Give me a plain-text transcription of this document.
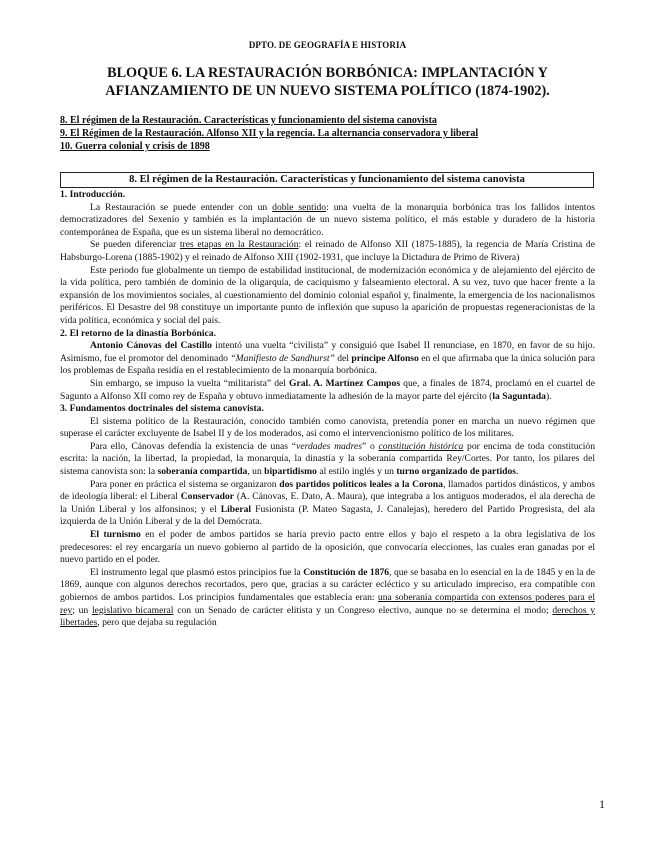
DPTO. DE GEOGRAFÍA E HISTORIA
BLOQUE 6. LA RESTAURACIÓN BORBÓNICA: IMPLANTACIÓN Y
AFIANZAMIENTO DE UN NUEVO SISTEMA POLÍTICO (1874-1902).
8. El régimen de la Restauración. Características y funcionamiento del sistema canovista
9. El Régimen de la Restauración. Alfonso XII y la regencia. La alternancia conservadora y liberal
10. Guerra colonial y crisis de 1898
8. El régimen de la Restauración. Características y funcionamiento del sistema canovista
1. Introducción.

La Restauración se puede entender con un doble sentido: una vuelta de la monarquía borbónica tras los fallidos intentos democratizadores del Sexenio y también es la implantación de un nuevo sistema político, el más estable y duradero de la historia contemporánea de España, que es un sistema liberal no democrático.

Se pueden diferenciar tres etapas en la Restauración: el reinado de Alfonso XII (1875-1885), la regencia de María Cristina de Habsburgo-Lorena (1885-1902) y el reinado de Alfonso XIII (1902-1931, que incluye la Dictadura de Primo de Rivera)

Este periodo fue globalmente un tiempo de estabilidad institucional, de modernización económica y de alejamiento del ejército de la vida política, pero también de dominio de la oligarquía, de caciquismo y falseamiento electoral. A su vez, tuvo que hacer frente a la expansión de los movimientos sociales, al cuestionamiento del dominio colonial español y, finalmente, la emergencia de los nacionalismos periféricos. El Desastre del 98 constituye un importante punto de inflexión que supuso la aparición de propuestas regeneracionistas de la vida política, económica y social del país.

2. El retorno de la dinastía Borbónica.

Antonio Cánovas del Castillo intentó una vuelta “civilista” y consiguió que Isabel II renunciase, en 1870, en favor de su hijo. Asimismo, fue el promotor del denominado “Manifiesto de Sandhurst” del príncipe Alfonso en el que afirmaba que la única solución para los problemas de España residía en el restablecimiento de la monarquía borbónica.

Sin embargo, se impuso la vuelta “militarista” del Gral. A. Martínez Campos que, a finales de 1874, proclamó en el cuartel de Sagunto a Alfonso XII como rey de España y obtuvo inmediatamente la adhesión de la mayor parte del ejército (la Saguntada).

3. Fundamentos doctrinales del sistema canovista.

El sistema político de la Restauración, conocido también como canovista, pretendía poner en marcha un nuevo régimen que superase el carácter excluyente de Isabel II y de los moderados, así como el intervencionismo político de los militares.

Para ello, Cánovas defendía la existencia de unas “verdades madres” o constitución histórica por encima de toda constitución escrita: la nación, la libertad, la propiedad, la monarquía, la dinastía y la soberanía compartida Rey/Cortes. Por tanto, los pilares del sistema canovista son: la soberanía compartida, un bipartidismo al estilo inglés y un turno organizado de partidos.

Para poner en práctica el sistema se organizaron dos partidos políticos leales a la Corona, llamados partidos dinásticos, y ambos de ideología liberal: el Liberal Conservador (A. Cánovas, E. Dato, A. Maura), que integraba a los antiguos moderados, el ala derecha de la Unión Liberal y los alfonsinos; y el Liberal Fusionista (P. Mateo Sagasta, J. Canalejas), heredero del Partido Progresista, del ala izquierda de la Unión Liberal y de la del Demócrata.

El turnismo en el poder de ambos partidos se haría previo pacto entre ellos y bajo el respeto a la obra legislativa de los predecesores: el rey encargaría un nuevo gobierno al partido de la oposición, que convocaría elecciones, las cuales eran ganadas por el nuevo partido en el poder.

El instrumento legal que plasmó estos principios fue la Constitución de 1876, que se basaba en lo esencial en la de 1845 y en la de 1869, aunque con algunos derechos recortados, pero que, gracias a su carácter ecléctico y su articulado impreciso, era compatible con gobiernos de ambos partidos. Los principios fundamentales que establecía eran: una soberanía compartida con extensos poderes para el rey; un legislativo bicameral con un Senado de carácter elitista y un Congreso electivo, aunque no se determina el modo; derechos y libertades, pero que dejaba su regulación

1
